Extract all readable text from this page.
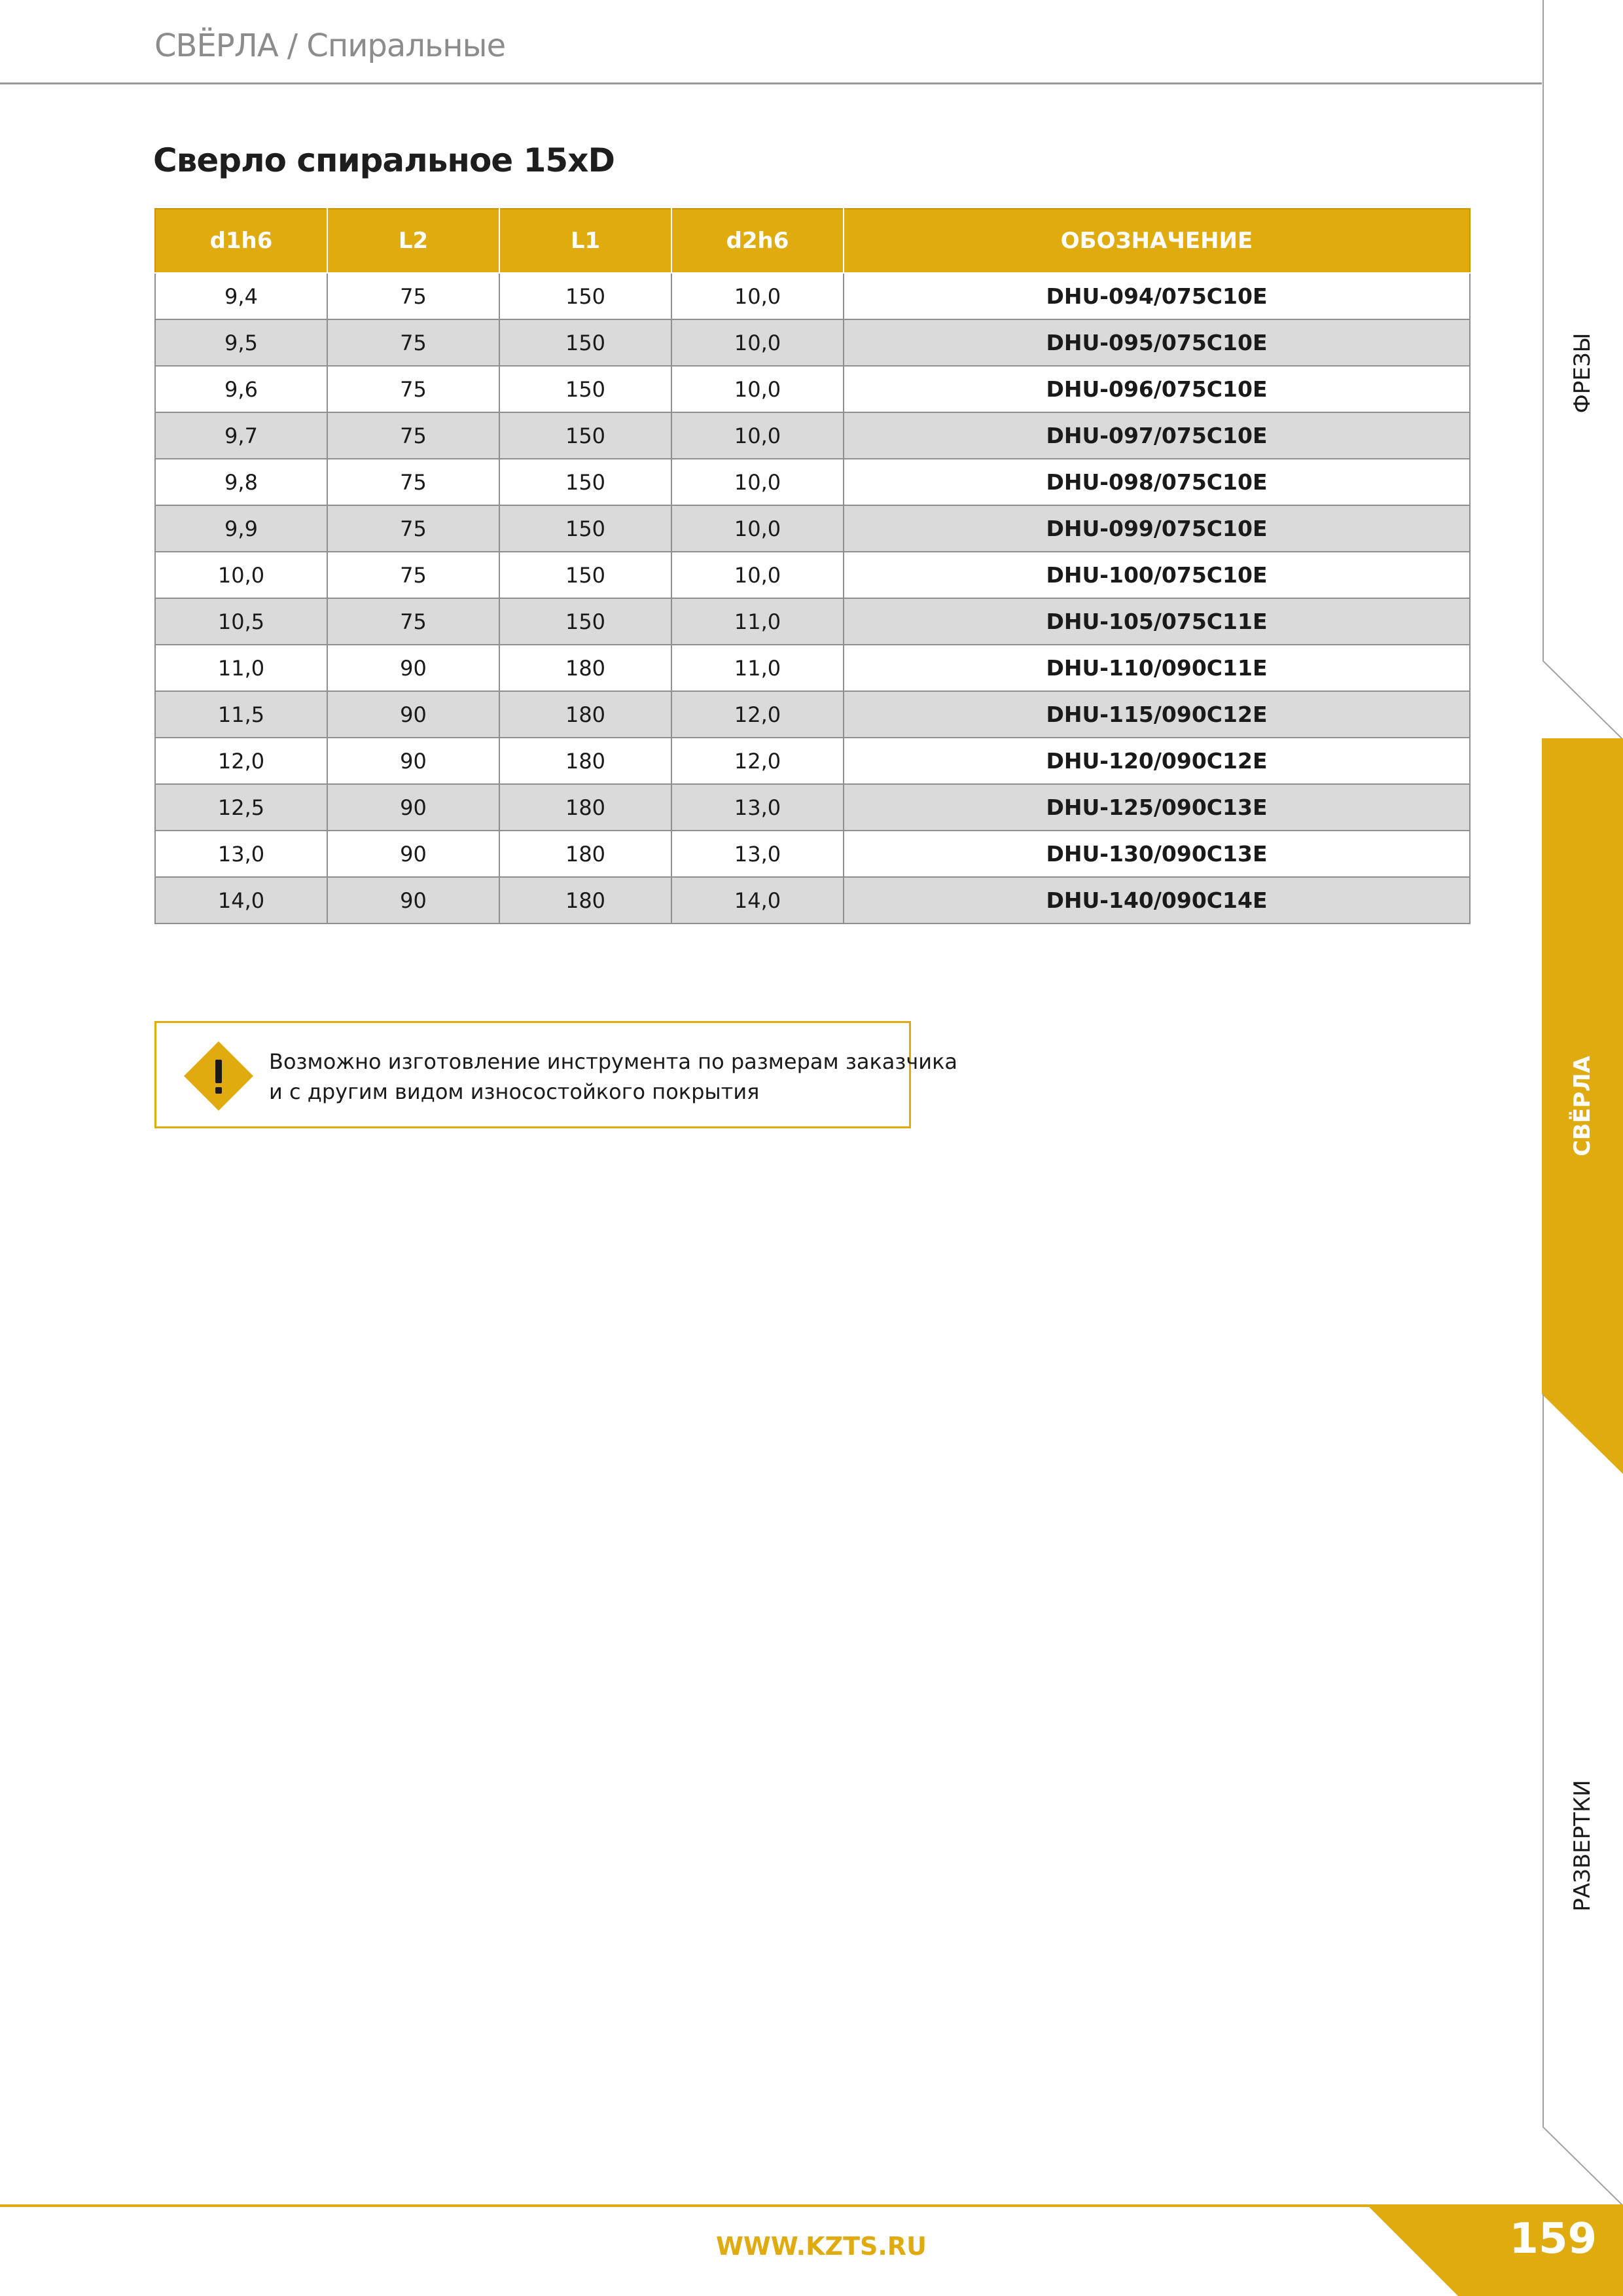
СВЁРЛА / Спиральные
ФРЕЗЫ
СВЁРЛА
РАЗВЕРТКИ
Сверло спиральное 15xD
d1h6	L2	L1	d2h6	ОБОЗНАЧЕНИЕ
9,4	75	150	10,0	DHU-094/075C10E
9,5	75	150	10,0	DHU-095/075C10E
9,6	75	150	10,0	DHU-096/075C10E
9,7	75	150	10,0	DHU-097/075C10E
9,8	75	150	10,0	DHU-098/075C10E
9,9	75	150	10,0	DHU-099/075C10E
10,0	75	150	10,0	DHU-100/075C10E
10,5	75	150	11,0	DHU-105/075C11E
11,0	90	180	11,0	DHU-110/090C11E
11,5	90	180	12,0	DHU-115/090C12E
12,0	90	180	12,0	DHU-120/090C12E
12,5	90	180	13,0	DHU-125/090C13E
13,0	90	180	13,0	DHU-130/090C13E
14,0	90	180	14,0	DHU-140/090C14E
Возможно изготовление инструмента по размерам заказчика
и с другим видом износостойкого покрытия
WWW.KZTS.RU	159
